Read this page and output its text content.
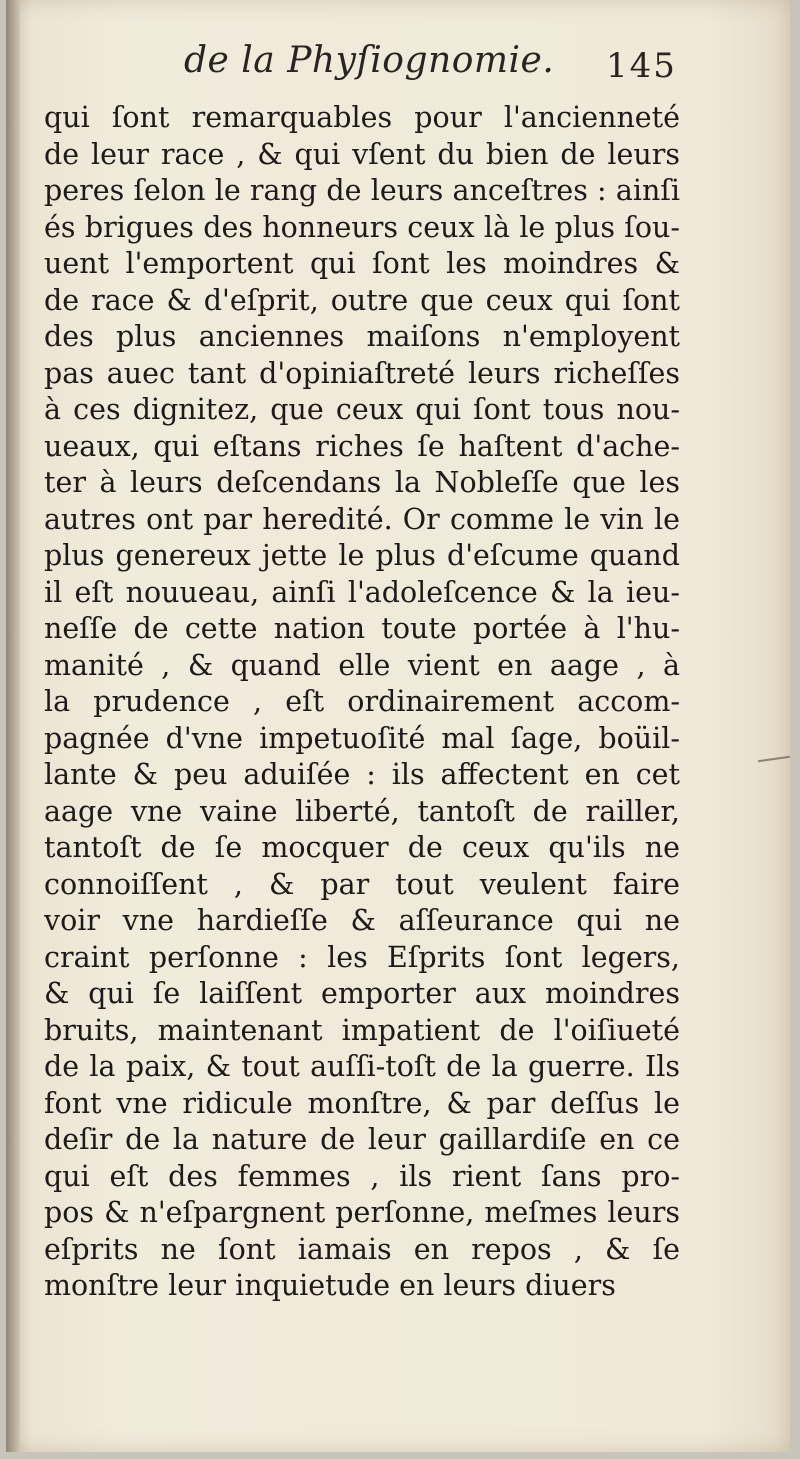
de la Phyſiognomie. 145
qui ſont remarquables pour l'ancienneté
de leur race , & qui vſent du bien de leurs
peres ſelon le rang de leurs anceſtres : ainſi
és brigues des honneurs ceux là le plus ſou-
uent l'emportent qui ſont les moindres &
de race & d'eſprit, outre que ceux qui ſont
des plus anciennes maiſons n'employent
pas auec tant d'opiniaſtreté leurs richeſſes
à ces dignitez, que ceux qui ſont tous nou-
ueaux, qui eſtans riches ſe haſtent d'ache-
ter à leurs deſcendans la Nobleſſe que les
autres ont par heredité. Or comme le vin le
plus genereux jette le plus d'eſcume quand
il eſt nouueau, ainſi l'adoleſcence & la ieu-
neſſe de cette nation toute portée à l'hu-
manité , & quand elle vient en aage , à
la prudence , eſt ordinairement accom-
pagnée d'vne impetuoſité mal ſage, boüil-
lante & peu aduiſée : ils affectent en cet
aage vne vaine liberté, tantoſt de railler,
tantoſt de ſe mocquer de ceux qu'ils ne
connoiſſent , & par tout veulent faire
voir vne hardieſſe & aſſeurance qui ne
craint perſonne : les Eſprits ſont legers,
& qui ſe laiſſent emporter aux moindres
bruits, maintenant impatient de l'oiſiueté
de la paix, & tout auſſi-toſt de la guerre. Ils
font vne ridicule monſtre, & par deſſus le
deſir de la nature de leur gaillardiſe en ce
qui eſt des femmes , ils rient ſans pro-
pos & n'eſpargnent perſonne, meſmes leurs
eſprits ne ſont iamais en repos , & ſe
monſtre leur inquietude en leurs diuers
